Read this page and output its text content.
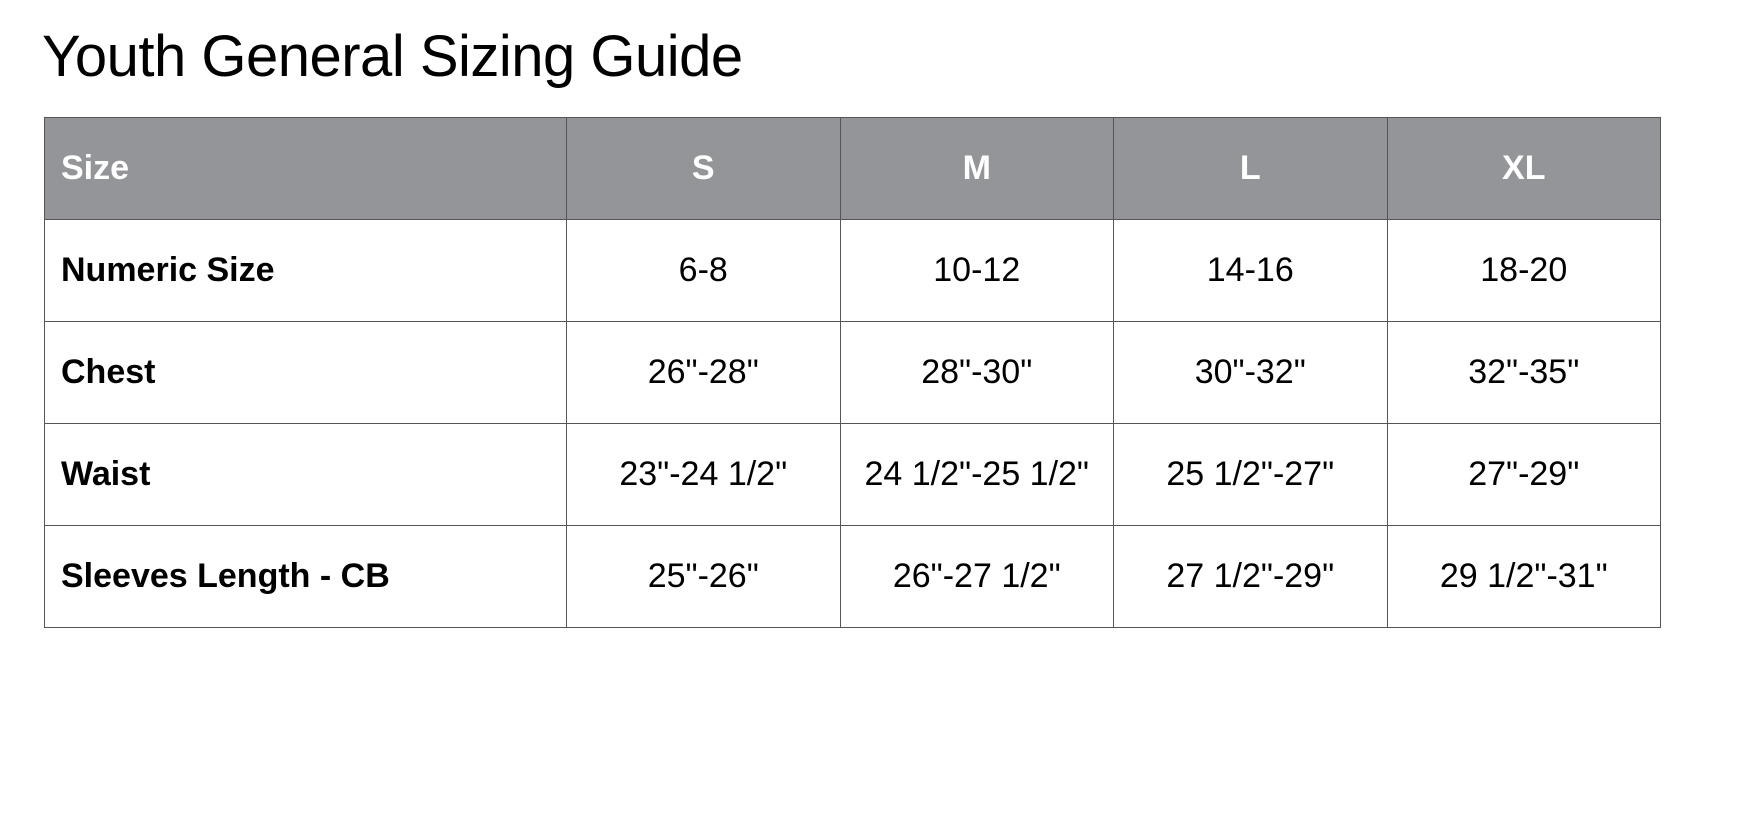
Youth General Sizing Guide
Size	S	M	L	XL
Numeric Size	6-8	10-12	14-16	18-20
Chest	26"-28"	28"-30"	30"-32"	32"-35"
Waist	23"-24 1/2"	24 1/2"-25 1/2"	25 1/2"-27"	27"-29"
Sleeves Length - CB	25"-26"	26"-27 1/2"	27 1/2"-29"	29 1/2"-31"
